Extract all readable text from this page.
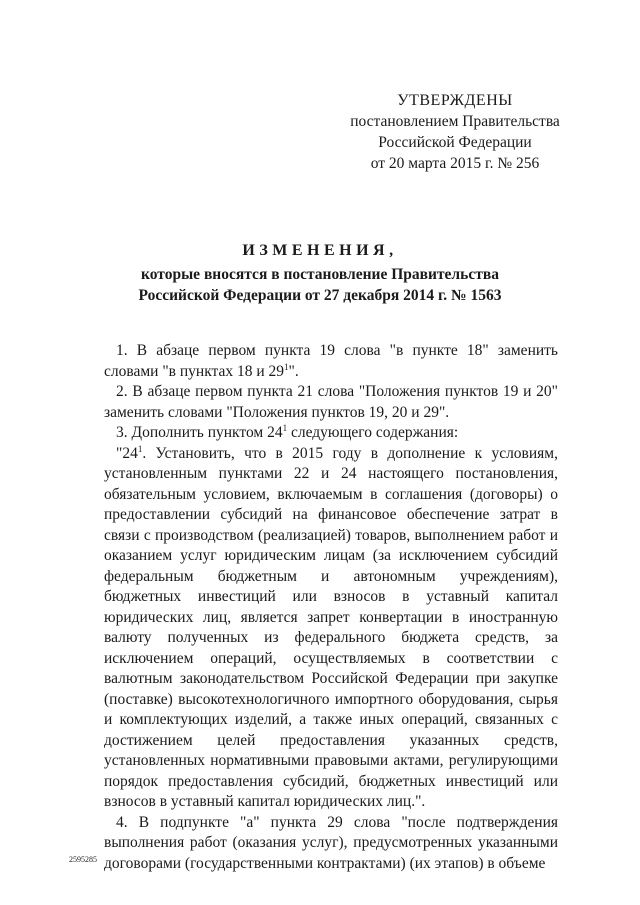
УТВЕРЖДЕНЫ
постановлением Правительства
Российской Федерации
от 20 марта 2015 г. № 256
ИЗМЕНЕНИЯ,
которые вносятся в постановление Правительства
Российской Федерации от 27 декабря 2014 г. № 1563

1. В абзаце первом пункта 19 слова "в пункте 18" заменить словами "в пунктах 18 и $29^1$".

2. В абзаце первом пункта 21 слова "Положения пунктов 19 и 20" заменить словами "Положения пунктов 19, 20 и 29".

3. Дополнить пунктом $24^1$ следующего содержания:

"$24^1$. Установить, что в 2015 году в дополнение к условиям, установленным пунктами 22 и 24 настоящего постановления, обязательным условием, включаемым в соглашения (договоры) о предоставлении субсидий на финансовое обеспечение затрат в связи с производством (реализацией) товаров, выполнением работ и оказанием услуг юридическим лицам (за исключением субсидий федеральным бюджетным и автономным учреждениям), бюджетных инвестиций или взносов в уставный капитал юридических лиц, является запрет конвертации в иностранную валюту полученных из федерального бюджета средств, за исключением операций, осуществляемых в соответствии с валютным законодательством Российской Федерации при закупке (поставке) высокотехнологичного импортного оборудования, сырья и комплектующих изделий, а также иных операций, связанных с достижением целей предоставления указанных средств, установленных нормативными правовыми актами, регулирующими порядок предоставления субсидий, бюджетных инвестиций или взносов в уставный капитал юридических лиц.".

4. В подпункте "а" пункта 29 слова "после подтверждения выполнения работ (оказания услуг), предусмотренных указанными договорами (государственными контрактами) (их этапов) в объеме

2595285
